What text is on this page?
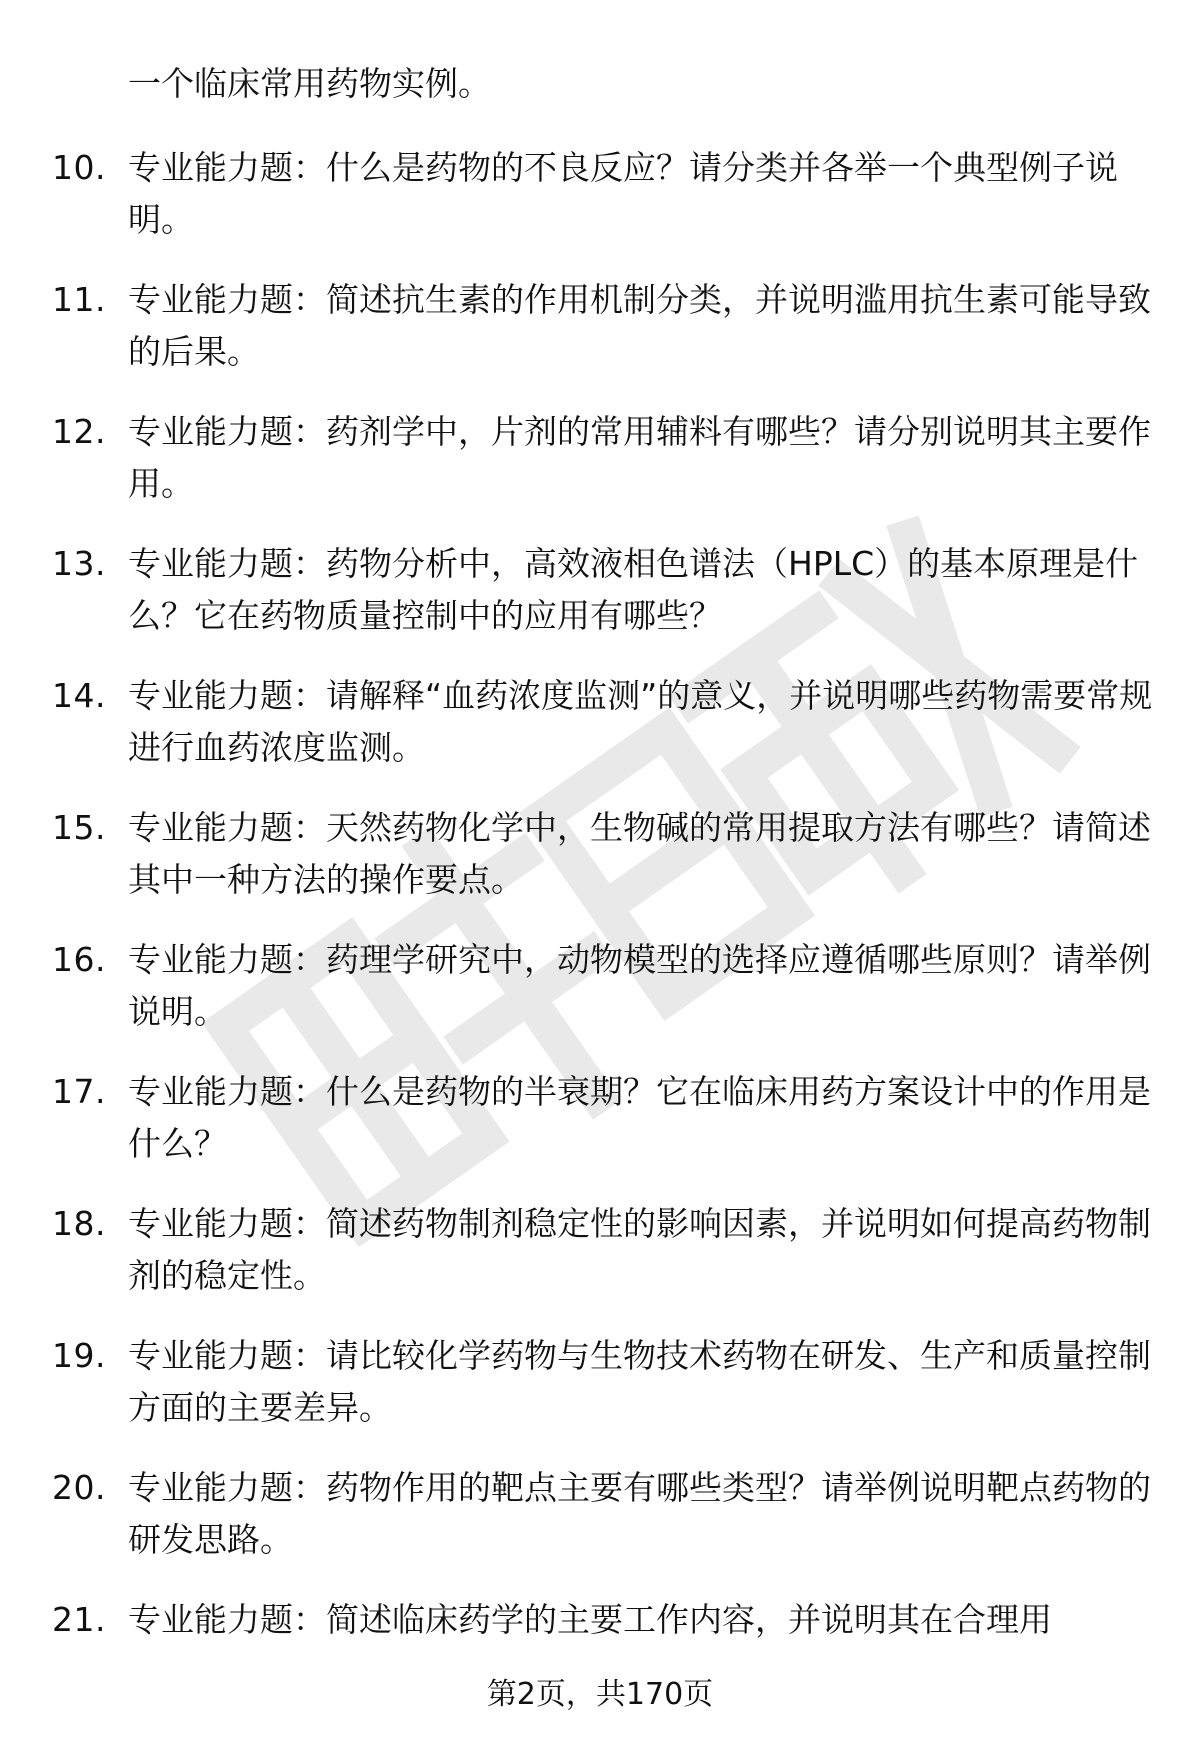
一个临床常用药物实例。

10. 专业能力题：什么是药物的不良反应？请分类并各举一个典型例子说明。

11. 专业能力题：简述抗生素的作用机制分类，并说明滥用抗生素可能导致的后果。

12. 专业能力题：药剂学中，片剂的常用辅料有哪些？请分别说明其主要作用。

13. 专业能力题：药物分析中，高效液相色谱法（HPLC）的基本原理是什么？它在药物质量控制中的应用有哪些？

14. 专业能力题：请解释“血药浓度监测”的意义，并说明哪些药物需要常规进行血药浓度监测。

15. 专业能力题：天然药物化学中，生物碱的常用提取方法有哪些？请简述其中一种方法的操作要点。

16. 专业能力题：药理学研究中，动物模型的选择应遵循哪些原则？请举例说明。

17. 专业能力题：什么是药物的半衰期？它在临床用药方案设计中的作用是什么？

18. 专业能力题：简述药物制剂稳定性的影响因素，并说明如何提高药物制剂的稳定性。

19. 专业能力题：请比较化学药物与生物技术药物在研发、生产和质量控制方面的主要差异。

20. 专业能力题：药物作用的靶点主要有哪些类型？请举例说明靶点药物的研发思路。

21. 专业能力题：简述临床药学的主要工作内容，并说明其在合理用

第2页，共170页
